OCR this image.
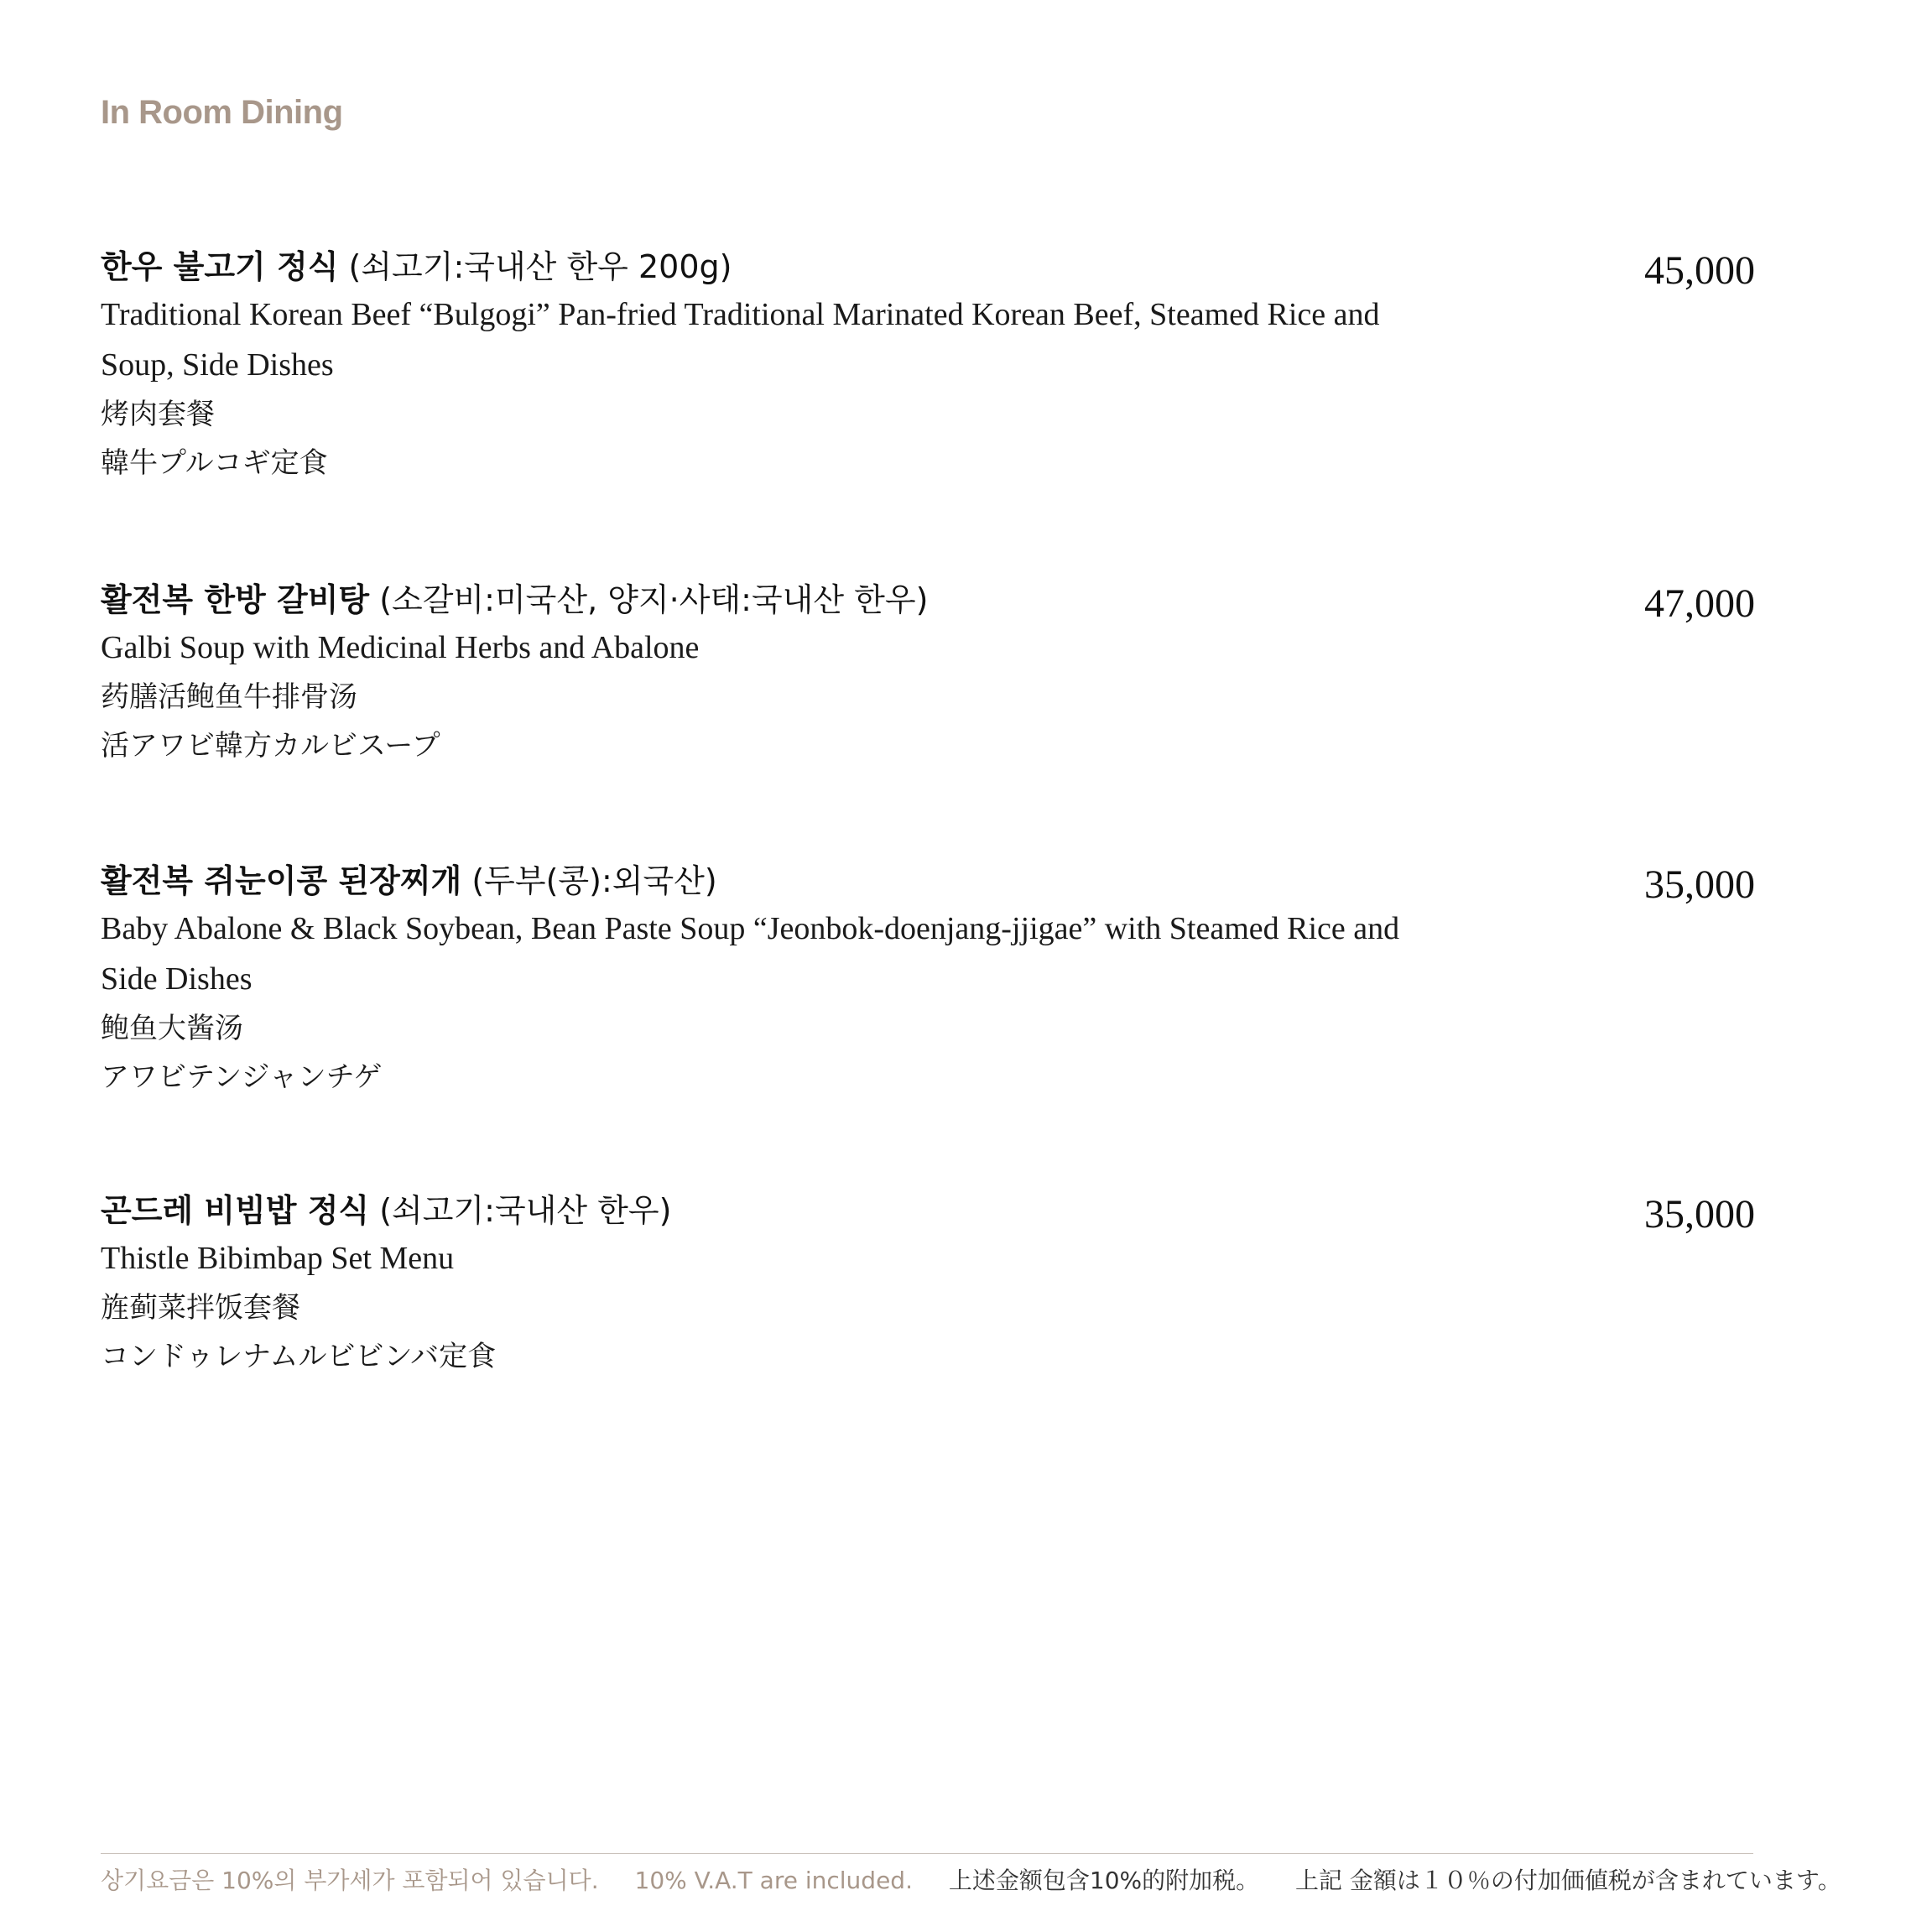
In Room Dining
한우 불고기 정식 (쇠고기:국내산 한우 200g)	45,000
Traditional Korean Beef “Bulgogi” Pan-fried Traditional Marinated Korean Beef, Steamed Rice and Soup, Side Dishes
烤肉套餐
韓牛プルコギ定食
활전복 한방 갈비탕 (소갈비:미국산, 양지·사태:국내산 한우)	47,000
Galbi Soup with Medicinal Herbs and Abalone
药膳活鲍鱼牛排骨汤
活アワビ韓方カルビスープ
활전복 쥐눈이콩 된장찌개 (두부(콩):외국산)	35,000
Baby Abalone & Black Soybean, Bean Paste Soup “Jeonbok-doenjang-jjigae” with Steamed Rice and Side Dishes
鲍鱼大酱汤
アワビテンジャンチゲ
곤드레 비빔밥 정식 (쇠고기:국내산 한우)	35,000
Thistle Bibimbap Set Menu
旌蓟菜拌饭套餐
コンドゥレナムルビビンバ定食
상기요금은 10%의 부가세가 포함되어 있습니다. 10% V.A.T are included. 上述金额包含10%的附加税。 上記 金額は１０％の付加価値税が含まれています。
